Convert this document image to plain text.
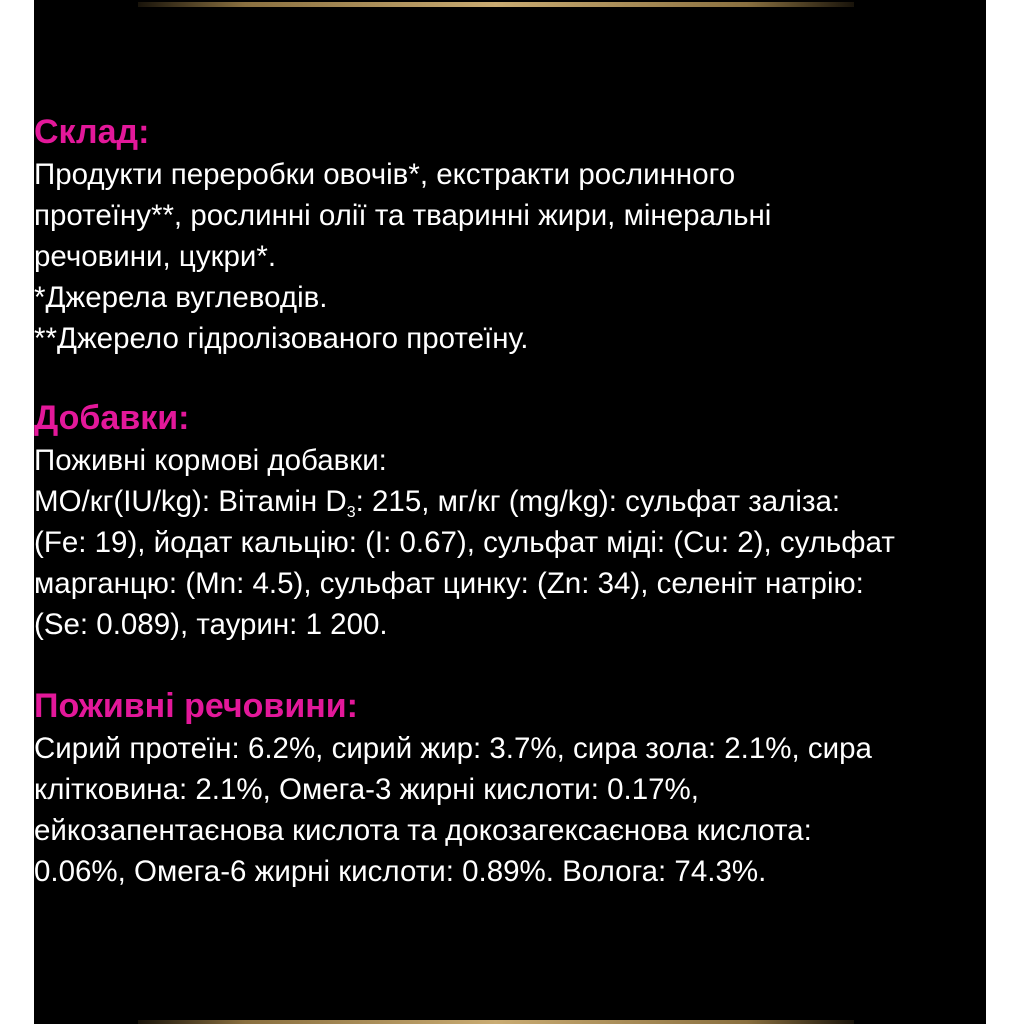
Склад:

Продукти переробки овочів*, екстракти рослинного

протеїну**, рослинні олії та тваринні жири, мінеральні

речовини, цукри*.

*Джерела вуглеводів.

**Джерело гідролізованого протеїну.

Добавки:

Поживні кормові добавки:

МО/кг(IU/kg): Вітамін $D_3$: 215, мг/кг (mg/kg): сульфат заліза:

(Fe: 19), йодат кальцію: (I: 0.67), сульфат міді: (Cu: 2), сульфат

марганцю: (Mn: 4.5), сульфат цинку: (Zn: 34), селеніт натрію:

(Se: 0.089), таурин: 1 200.

Поживні речовини:

Сирий протеїн: 6.2%, сирий жир: 3.7%, сира зола: 2.1%, сира

клітковина: 2.1%, Омега-3 жирні кислоти: 0.17%,

ейкозапентаєнова кислота та докозагексаєнова кислота:

0.06%, Омега-6 жирні кислоти: 0.89%. Волога: 74.3%.
